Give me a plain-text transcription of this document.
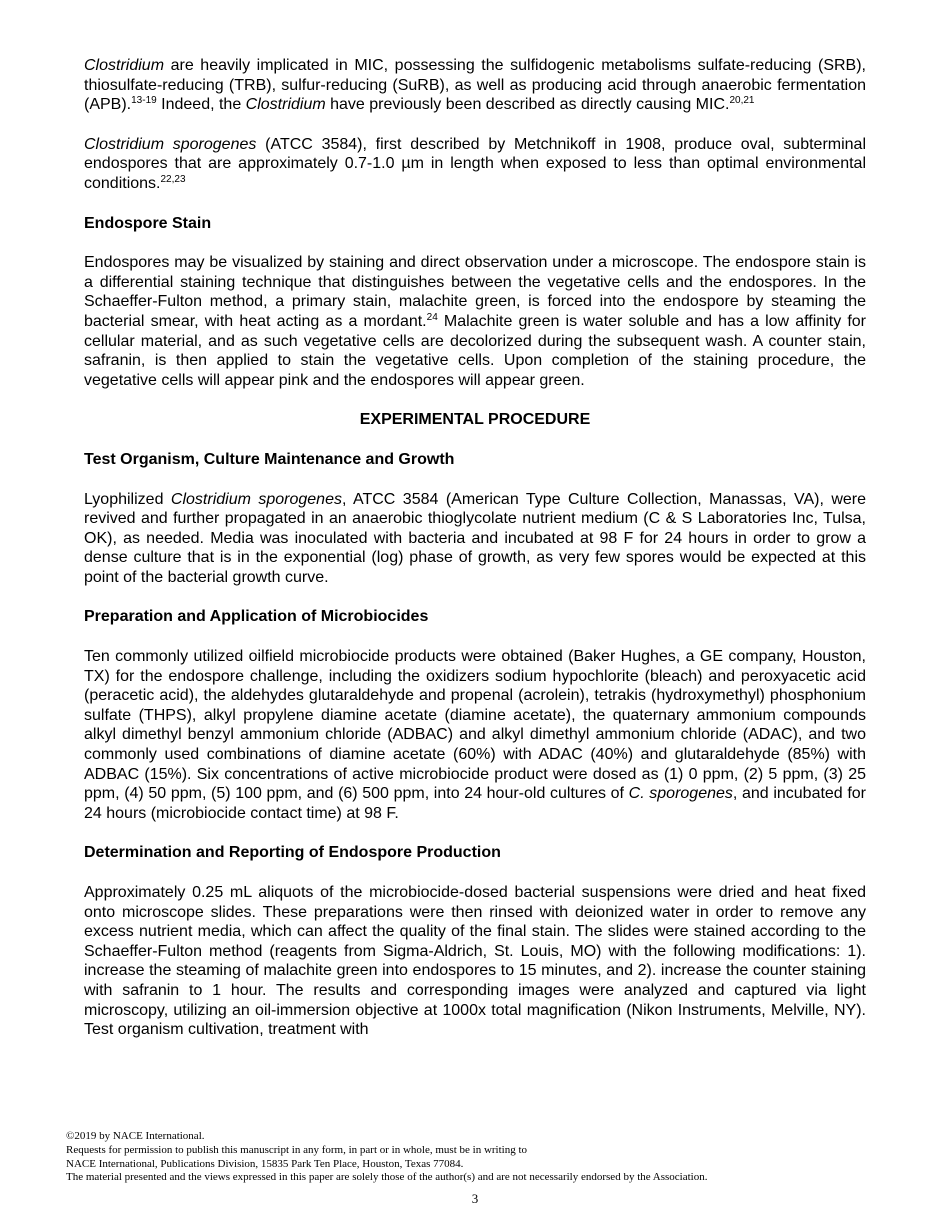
Clostridium are heavily implicated in MIC, possessing the sulfidogenic metabolisms sulfate-reducing (SRB), thiosulfate-reducing (TRB), sulfur-reducing (SuRB), as well as producing acid through anaerobic fermentation (APB).$^{13-19}$ Indeed, the Clostridium have previously been described as directly causing MIC.$^{20,21}$

Clostridium sporogenes (ATCC 3584), first described by Metchnikoff in 1908, produce oval, subterminal endospores that are approximately 0.7-1.0 µm in length when exposed to less than optimal environmental conditions.$^{22,23}$

Endospore Stain

Endospores may be visualized by staining and direct observation under a microscope. The endospore stain is a differential staining technique that distinguishes between the vegetative cells and the endospores. In the Schaeffer-Fulton method, a primary stain, malachite green, is forced into the endospore by steaming the bacterial smear, with heat acting as a mordant.$^{24}$ Malachite green is water soluble and has a low affinity for cellular material, and as such vegetative cells are decolorized during the subsequent wash. A counter stain, safranin, is then applied to stain the vegetative cells. Upon completion of the staining procedure, the vegetative cells will appear pink and the endospores will appear green.

EXPERIMENTAL PROCEDURE
Test Organism, Culture Maintenance and Growth

Lyophilized Clostridium sporogenes, ATCC 3584 (American Type Culture Collection, Manassas, VA), were revived and further propagated in an anaerobic thioglycolate nutrient medium (C & S Laboratories Inc, Tulsa, OK), as needed. Media was inoculated with bacteria and incubated at 98 F for 24 hours in order to grow a dense culture that is in the exponential (log) phase of growth, as very few spores would be expected at this point of the bacterial growth curve.

Preparation and Application of Microbiocides

Ten commonly utilized oilfield microbiocide products were obtained (Baker Hughes, a GE company, Houston, TX) for the endospore challenge, including the oxidizers sodium hypochlorite (bleach) and peroxyacetic acid (peracetic acid), the aldehydes glutaraldehyde and propenal (acrolein), tetrakis (hydroxymethyl) phosphonium sulfate (THPS), alkyl propylene diamine acetate (diamine acetate), the quaternary ammonium compounds alkyl dimethyl benzyl ammonium chloride (ADBAC) and alkyl dimethyl ammonium chloride (ADAC), and two commonly used combinations of diamine acetate (60%) with ADAC (40%) and glutaraldehyde (85%) with ADBAC (15%). Six concentrations of active microbiocide product were dosed as (1) 0 ppm, (2) 5 ppm, (3) 25 ppm, (4) 50 ppm, (5) 100 ppm, and (6) 500 ppm, into 24 hour-old cultures of C. sporogenes, and incubated for 24 hours (microbiocide contact time) at 98 F.

Determination and Reporting of Endospore Production

Approximately 0.25 mL aliquots of the microbiocide-dosed bacterial suspensions were dried and heat fixed onto microscope slides. These preparations were then rinsed with deionized water in order to remove any excess nutrient media, which can affect the quality of the final stain. The slides were stained according to the Schaeffer-Fulton method (reagents from Sigma-Aldrich, St. Louis, MO) with the following modifications: 1). increase the steaming of malachite green into endospores to 15 minutes, and 2). increase the counter staining with safranin to 1 hour. The results and corresponding images were analyzed and captured via light microscopy, utilizing an oil-immersion objective at 1000x total magnification (Nikon Instruments, Melville, NY). Test organism cultivation, treatment with

©2019 by NACE International.
Requests for permission to publish this manuscript in any form, in part or in whole, must be in writing to
NACE International, Publications Division, 15835 Park Ten Place, Houston, Texas 77084.
The material presented and the views expressed in this paper are solely those of the author(s) and are not necessarily endorsed by the Association.
3
